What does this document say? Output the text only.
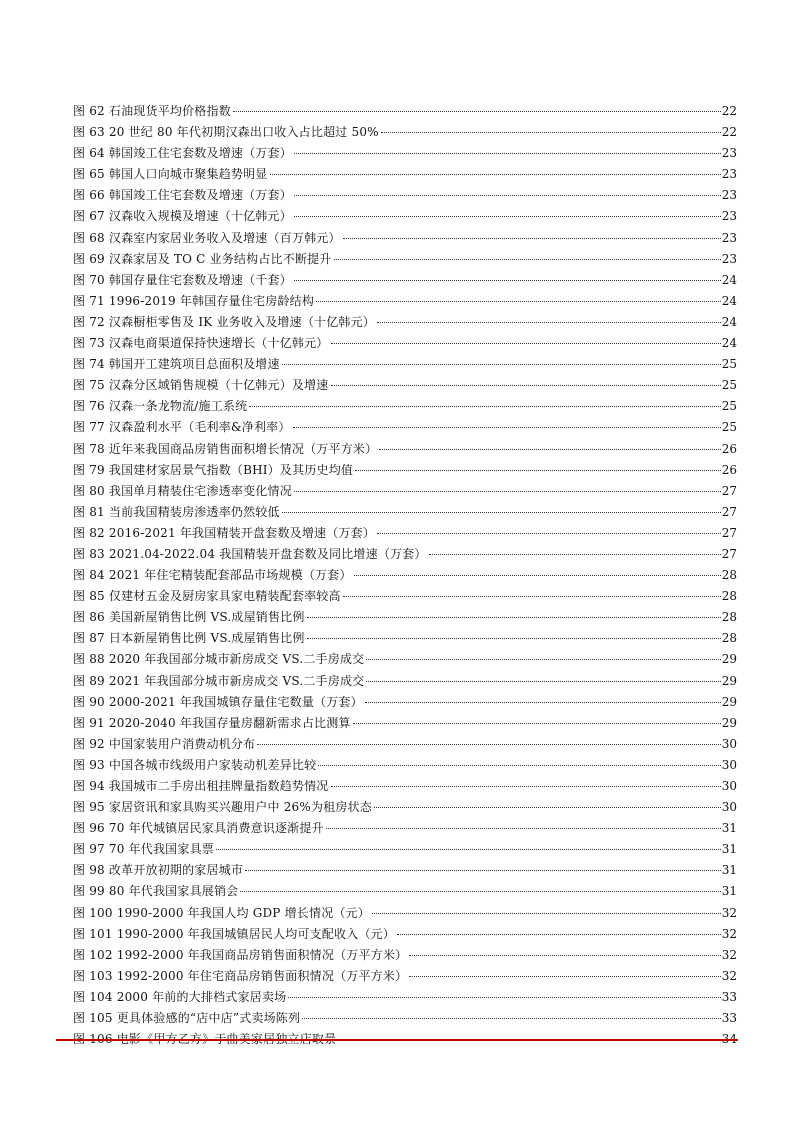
图 62 石油现货平均价格指数	22
图 63 20 世纪 80 年代初期汉森出口收入占比超过 50%	22
图 64 韩国竣工住宅套数及增速（万套）	23
图 65 韩国人口向城市聚集趋势明显	23
图 66 韩国竣工住宅套数及增速（万套）	23
图 67 汉森收入规模及增速（十亿韩元）	23
图 68 汉森室内家居业务收入及增速（百万韩元）	23
图 69 汉森家居及 TO C 业务结构占比不断提升	23
图 70 韩国存量住宅套数及增速（千套）	24
图 71 1996-2019 年韩国存量住宅房龄结构	24
图 72 汉森橱柜零售及 IK 业务收入及增速（十亿韩元）	24
图 73 汉森电商渠道保持快速增长（十亿韩元）	24
图 74 韩国开工建筑项目总面积及增速	25
图 75 汉森分区域销售规模（十亿韩元）及增速	25
图 76 汉森一条龙物流/施工系统	25
图 77 汉森盈利水平（毛利率&净利率）	25
图 78 近年来我国商品房销售面积增长情况（万平方米）	26
图 79 我国建材家居景气指数（BHI）及其历史均值	26
图 80 我国单月精装住宅渗透率变化情况	27
图 81 当前我国精装房渗透率仍然较低	27
图 82 2016-2021 年我国精装开盘套数及增速（万套）	27
图 83 2021.04-2022.04 我国精装开盘套数及同比增速（万套）	27
图 84 2021 年住宅精装配套部品市场规模（万套）	28
图 85 仅建材五金及厨房家具家电精装配套率较高	28
图 86 美国新屋销售比例 VS.成屋销售比例	28
图 87 日本新屋销售比例 VS.成屋销售比例	28
图 88 2020 年我国部分城市新房成交 VS.二手房成交	29
图 89 2021 年我国部分城市新房成交 VS.二手房成交	29
图 90 2000-2021 年我国城镇存量住宅数量（万套）	29
图 91 2020-2040 年我国存量房翻新需求占比测算	29
图 92 中国家装用户消费动机分布	30
图 93 中国各城市线级用户家装动机差异比较	30
图 94 我国城市二手房出租挂牌量指数趋势情况	30
图 95 家居资讯和家具购买兴趣用户中 26%为租房状态	30
图 96 70 年代城镇居民家具消费意识逐渐提升	31
图 97 70 年代我国家具票	31
图 98 改革开放初期的家居城市	31
图 99 80 年代我国家具展销会	31
图 100 1990-2000 年我国人均 GDP 增长情况（元）	32
图 101 1990-2000 年我国城镇居民人均可支配收入（元）	32
图 102 1992-2000 年我国商品房销售面积情况（万平方米）	32
图 103 1992-2000 年住宅商品房销售面积情况（万平方米）	32
图 104 2000 年前的大排档式家居卖场	33
图 105 更具体验感的“店中店”式卖场陈列	33
图 106 电影《甲方乙方》于曲美家居独立店取景	34
